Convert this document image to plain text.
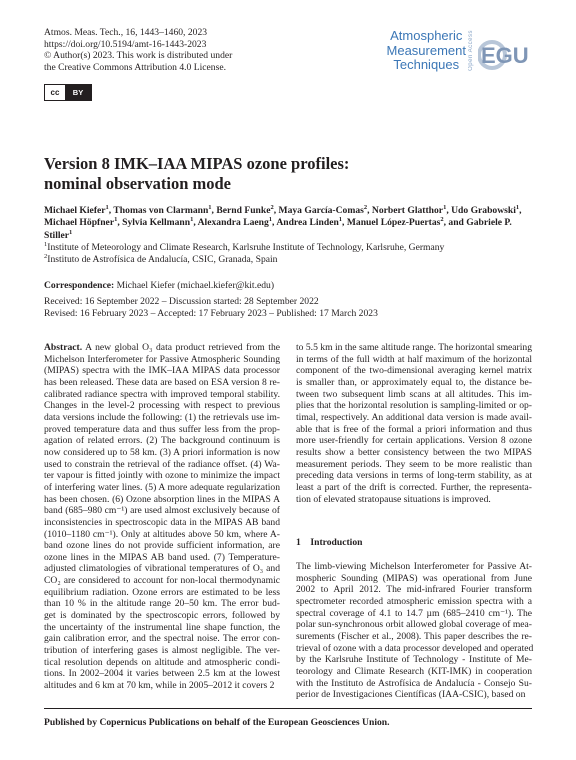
Atmos. Meas. Tech., 16, 1443–1460, 2023
https://doi.org/10.5194/amt-16-1443-2023
© Author(s) 2023. This work is distributed under
the Creative Commons Attribution 4.0 License.
cc	BY
Atmospheric
Measurement
Techniques	Open Access EGU
Version 8 IMK–IAA MIPAS ozone profiles:
nominal observation mode
Michael Kiefer$^1$, Thomas von Clarmann$^1$, Bernd Funke$^2$, Maya García-Comas$^2$, Norbert Glatthor$^1$, Udo Grabowski$^1$, Michael Höpfner$^1$, Sylvia Kellmann$^1$, Alexandra Laeng$^1$, Andrea Linden$^1$, Manuel López-Puertas$^2$, and Gabriele P. Stiller$^1$
$^1$Institute of Meteorology and Climate Research, Karlsruhe Institute of Technology, Karlsruhe, Germany
$^2$Instituto de Astrofísica de Andalucía, CSIC, Granada, Spain
Correspondence: Michael Kiefer (michael.kiefer@kit.edu)
Received: 16 September 2022 – Discussion started: 28 September 2022
Revised: 16 February 2023 – Accepted: 17 February 2023 – Published: 17 March 2023
Abstract. A new global O₃ data product retrieved from the
Michelson Interferometer for Passive Atmospheric Sounding
(MIPAS) spectra with the IMK–IAA MIPAS data processor
has been released. These data are based on ESA version 8 re-
calibrated radiance spectra with improved temporal stability.
Changes in the level-2 processing with respect to previous
data versions include the following: (1) the retrievals use im-
proved temperature data and thus suffer less from the prop-
agation of related errors. (2) The background continuum is
now considered up to 58 km. (3) A priori information is now
used to constrain the retrieval of the radiance offset. (4) Wa-
ter vapour is fitted jointly with ozone to minimize the impact
of interfering water lines. (5) A more adequate regularization
has been chosen. (6) Ozone absorption lines in the MIPAS A
band (685–980 cm⁻¹) are used almost exclusively because of
inconsistencies in spectroscopic data in the MIPAS AB band
(1010–1180 cm⁻¹). Only at altitudes above 50 km, where A-
band ozone lines do not provide sufficient information, are
ozone lines in the MIPAS AB band used. (7) Temperature-
adjusted climatologies of vibrational temperatures of O₃ and
CO₂ are considered to account for non-local thermodynamic
equilibrium radiation. Ozone errors are estimated to be less
than 10 % in the altitude range 20–50 km. The error bud-
get is dominated by the spectroscopic errors, followed by
the uncertainty of the instrumental line shape function, the
gain calibration error, and the spectral noise. The error con-
tribution of interfering gases is almost negligible. The ver-
tical resolution depends on altitude and atmospheric condi-
tions. In 2002–2004 it varies between 2.5 km at the lowest
altitudes and 6 km at 70 km, while in 2005–2012 it covers 2
to 5.5 km in the same altitude range. The horizontal smearing
in terms of the full width at half maximum of the horizontal
component of the two-dimensional averaging kernel matrix
is smaller than, or approximately equal to, the distance be-
tween two subsequent limb scans at all altitudes. This im-
plies that the horizontal resolution is sampling-limited or op-
timal, respectively. An additional data version is made avail-
able that is free of the formal a priori information and thus
more user-friendly for certain applications. Version 8 ozone
results show a better consistency between the two MIPAS
measurement periods. They seem to be more realistic than
preceding data versions in terms of long-term stability, as at
least a part of the drift is corrected. Further, the representa-
tion of elevated stratopause situations is improved.
1 Introduction
The limb-viewing Michelson Interferometer for Passive At-
mospheric Sounding (MIPAS) was operational from June
2002 to April 2012. The mid-infrared Fourier transform
spectrometer recorded atmospheric emission spectra with a
spectral coverage of 4.1 to 14.7 µm (685–2410 cm⁻¹). The
polar sun-synchronous orbit allowed global coverage of mea-
surements (Fischer et al., 2008). This paper describes the re-
trieval of ozone with a data processor developed and operated
by the Karlsruhe Institute of Technology - Institute of Me-
teorology and Climate Research (KIT-IMK) in cooperation
with the Instituto de Astrofísica de Andalucía - Consejo Su-
perior de Investigaciones Científicas (IAA-CSIC), based on
Published by Copernicus Publications on behalf of the European Geosciences Union.
